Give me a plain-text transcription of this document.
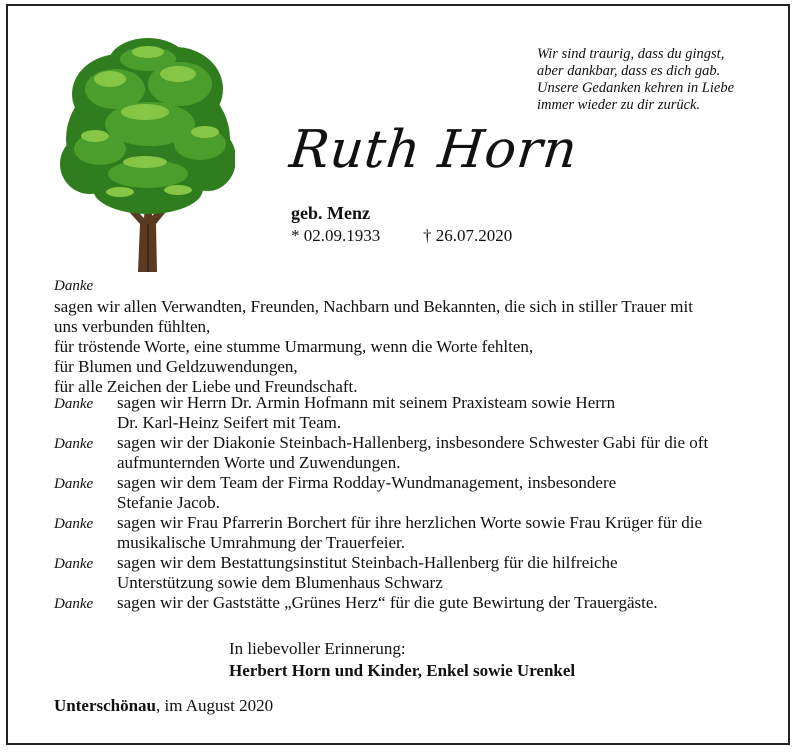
Wir sind traurig, dass du gingst,
aber dankbar, dass es dich gab.
Unsere Gedanken kehren in Liebe
immer wieder zu dir zurück.
Ruth Horn
geb. Menz
* 02.09.1933	† 26.07.2020
Danke
sagen wir allen Verwandten, Freunden, Nachbarn und Bekannten, die sich in stiller Trauer mit
uns verbunden fühlten,
für tröstende Worte, eine stumme Umarmung, wenn die Worte fehlten,
für Blumen und Geldzuwendungen,
für alle Zeichen der Liebe und Freundschaft.
Danke sagen wir Herrn Dr. Armin Hofmann mit seinem Praxisteam sowie Herrn
Dr. Karl-Heinz Seifert mit Team.
Danke sagen wir der Diakonie Steinbach-Hallenberg, insbesondere Schwester Gabi für die oft
aufmunternden Worte und Zuwendungen.
Danke sagen wir dem Team der Firma Rodday-Wundmanagement, insbesondere
Stefanie Jacob.
Danke sagen wir Frau Pfarrerin Borchert für ihre herzlichen Worte sowie Frau Krüger für die
musikalische Umrahmung der Trauerfeier.
Danke sagen wir dem Bestattungsinstitut Steinbach-Hallenberg für die hilfreiche
Unterstützung sowie dem Blumenhaus Schwarz
Danke sagen wir der Gaststätte „Grünes Herz“ für die gute Bewirtung der Trauergäste.
In liebevoller Erinnerung:
Herbert Horn und Kinder, Enkel sowie Urenkel
Unterschönau, im August 2020
